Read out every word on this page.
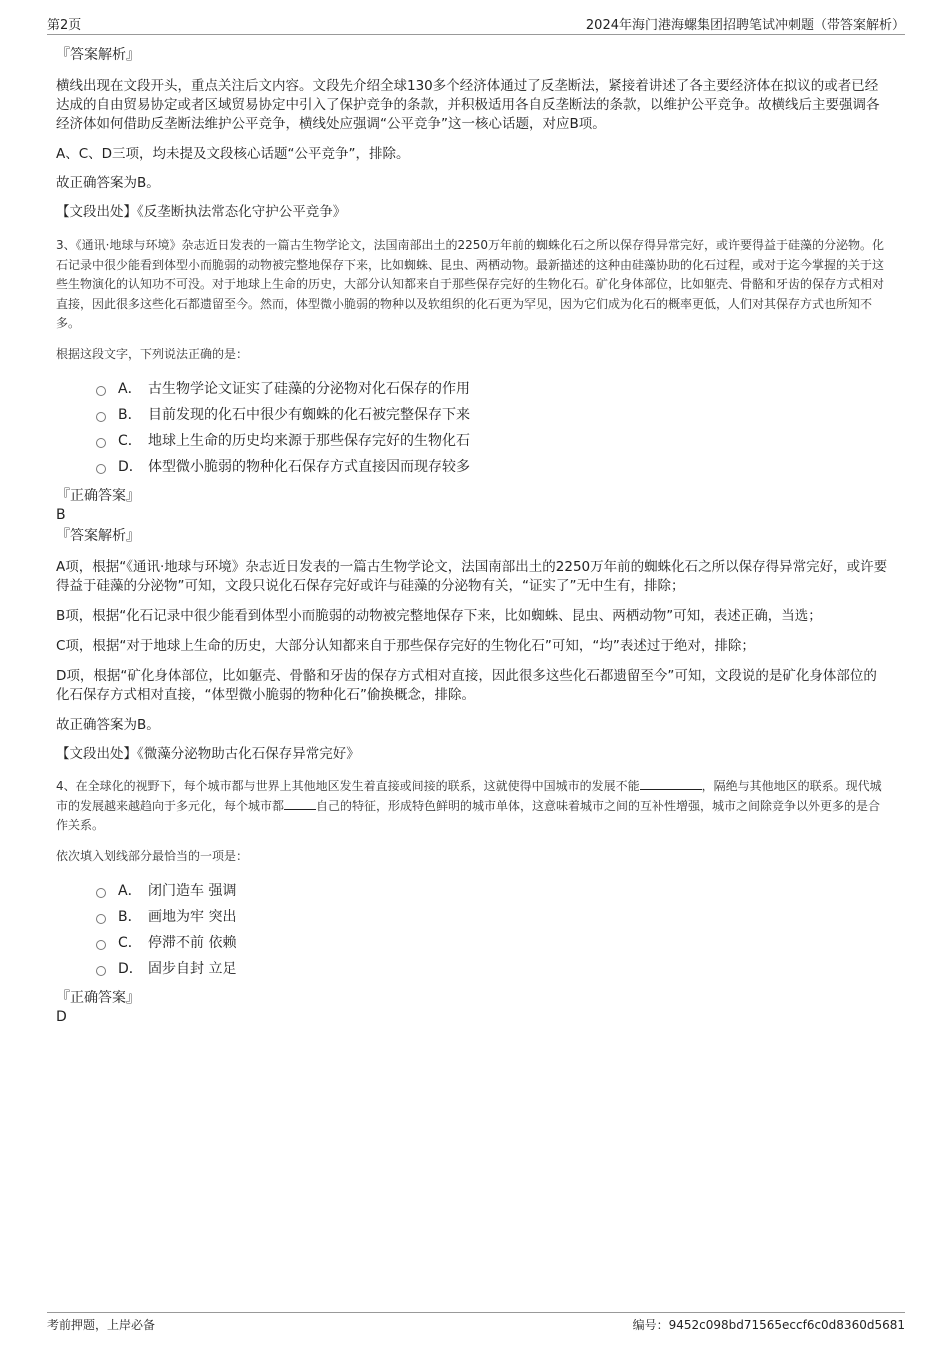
第2页	2024年海门港海螺集团招聘笔试冲刺题（带答案解析）

『答案解析』

横线出现在文段开头，重点关注后文内容。文段先介绍全球130多个经济体通过了反垄断法，紧接着讲述了各主要经济体在拟议的或者已经达成的自由贸易协定或者区域贸易协定中引入了保护竞争的条款，并积极适用各自反垄断法的条款，以维护公平竞争。故横线后主要强调各经济体如何借助反垄断法维护公平竞争，横线处应强调“公平竞争”这一核心话题，对应B项。

A、C、D三项，均未提及文段核心话题“公平竞争”，排除。

故正确答案为B。

【文段出处】《反垄断执法常态化守护公平竞争》

3、《通讯·地球与环境》杂志近日发表的一篇古生物学论文，法国南部出土的2250万年前的蜘蛛化石之所以保存得异常完好，或许要得益于硅藻的分泌物。化石记录中很少能看到体型小而脆弱的动物被完整地保存下来，比如蜘蛛、昆虫、两栖动物。最新描述的这种由硅藻协助的化石过程，或对于迄今掌握的关于这些生物演化的认知功不可没。对于地球上生命的历史，大部分认知都来自于那些保存完好的生物化石。矿化身体部位，比如躯壳、骨骼和牙齿的保存方式相对直接，因此很多这些化石都遗留至今。然而，体型微小脆弱的物种以及软组织的化石更为罕见，因为它们成为化石的概率更低，人们对其保存方式也所知不多。

根据这段文字，下列说法正确的是：

A． 古生物学论文证实了硅藻的分泌物对化石保存的作用
B． 目前发现的化石中很少有蜘蛛的化石被完整保存下来
C． 地球上生命的历史均来源于那些保存完好的生物化石
D． 体型微小脆弱的物种化石保存方式直接因而现存较多

『正确答案』

B

『答案解析』

A项，根据“《通讯·地球与环境》杂志近日发表的一篇古生物学论文，法国南部出土的2250万年前的蜘蛛化石之所以保存得异常完好，或许要得益于硅藻的分泌物”可知，文段只说化石保存完好或许与硅藻的分泌物有关，“证实了”无中生有，排除；

B项，根据“化石记录中很少能看到体型小而脆弱的动物被完整地保存下来，比如蜘蛛、昆虫、两栖动物”可知，表述正确，当选；

C项，根据“对于地球上生命的历史，大部分认知都来自于那些保存完好的生物化石”可知，“均”表述过于绝对，排除；

D项，根据“矿化身体部位，比如躯壳、骨骼和牙齿的保存方式相对直接，因此很多这些化石都遗留至今”可知，文段说的是矿化身体部位的化石保存方式相对直接，“体型微小脆弱的物种化石”偷换概念，排除。

故正确答案为B。

【文段出处】《微藻分泌物助古化石保存异常完好》

4、在全球化的视野下，每个城市都与世界上其他地区发生着直接或间接的联系，这就使得中国城市的发展不能	，隔绝与其他地区的联系。现代城市的发展越来越趋向于多元化，每个城市都	自己的特征，形成特色鲜明的城市单体，这意味着城市之间的互补性增强，城市之间除竞争以外更多的是合作关系。

依次填入划线部分最恰当的一项是：

A． 闭门造车 强调
B． 画地为牢 突出
C． 停滞不前 依赖
D． 固步自封 立足

『正确答案』

D

考前押题，上岸必备	编号：9452c098bd71565eccf6c0d8360d5681
